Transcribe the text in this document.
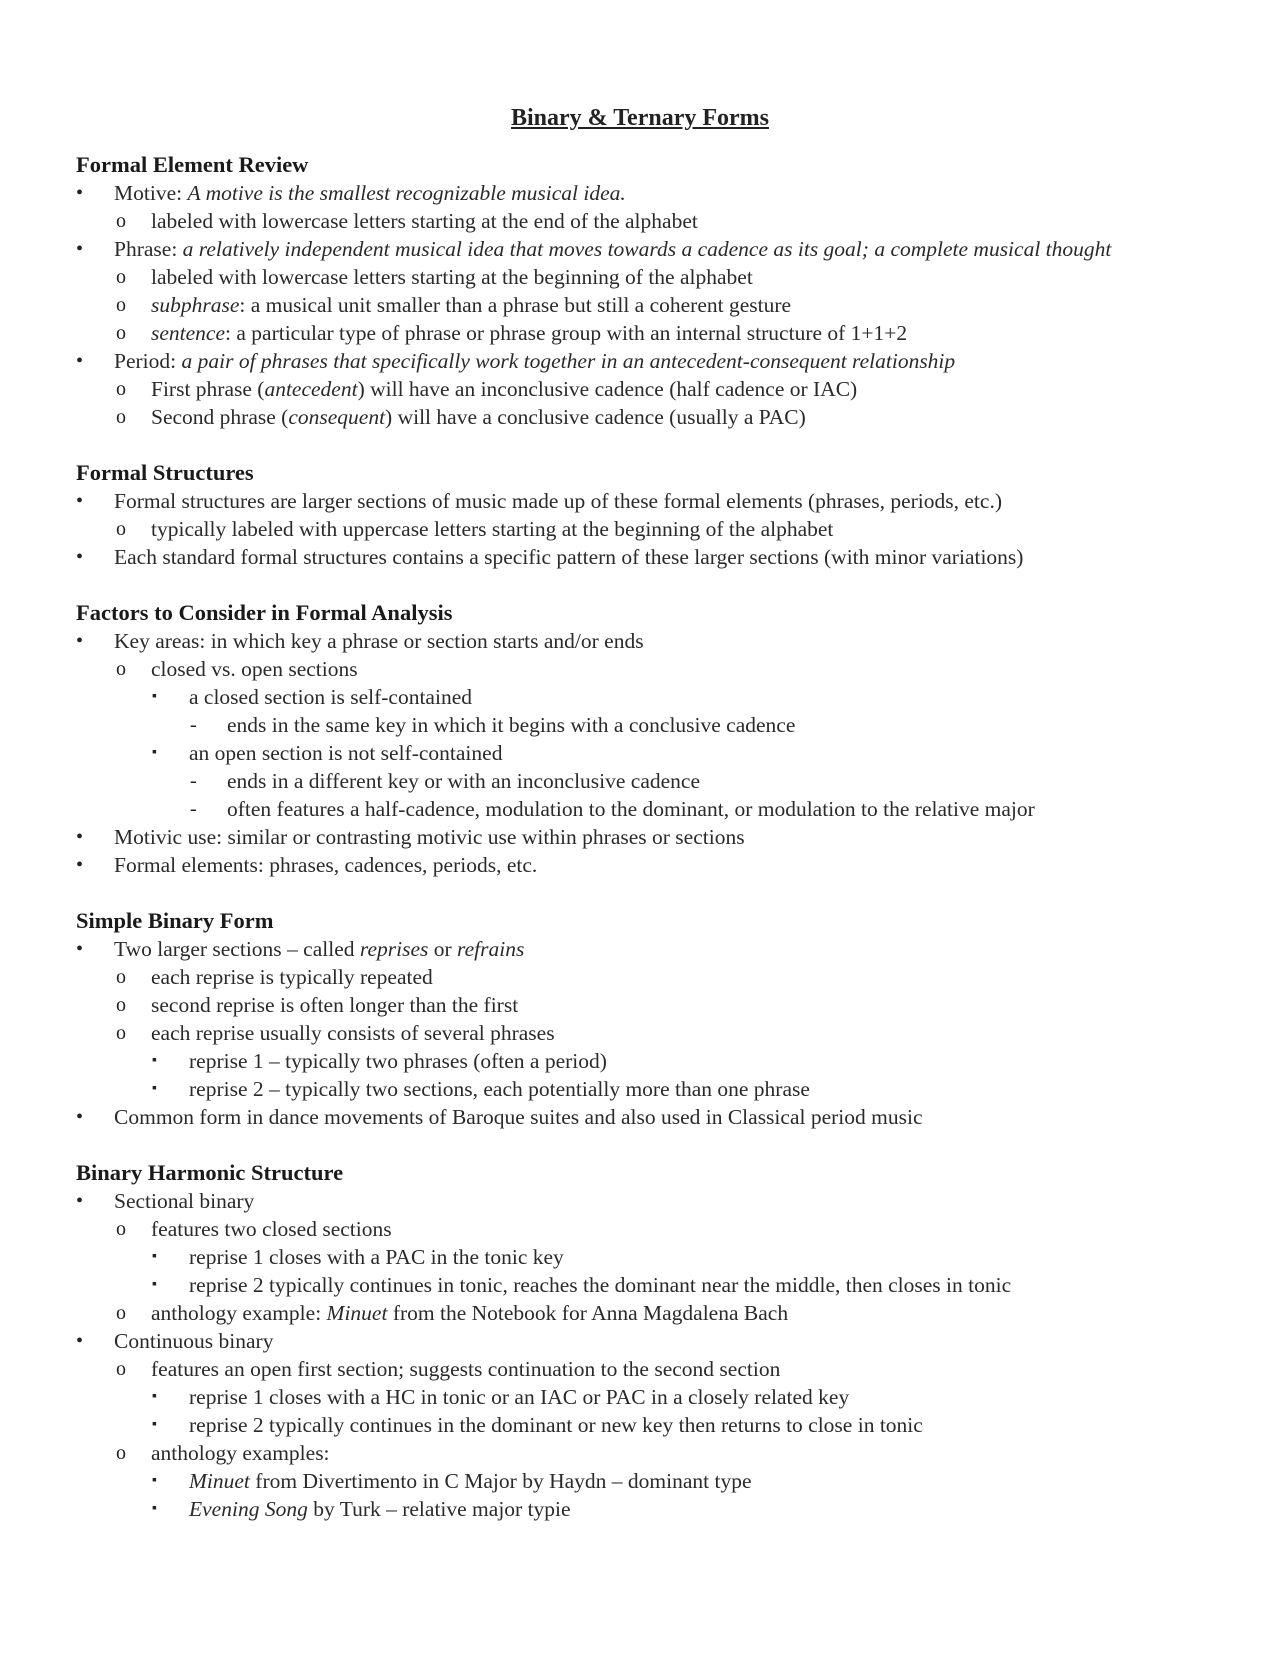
Binary & Ternary Forms
Formal Element Review
• Motive: A motive is the smallest recognizable musical idea.
o labeled with lowercase letters starting at the end of the alphabet
• Phrase: a relatively independent musical idea that moves towards a cadence as its goal; a complete musical thought
o labeled with lowercase letters starting at the beginning of the alphabet
o subphrase: a musical unit smaller than a phrase but still a coherent gesture
o sentence: a particular type of phrase or phrase group with an internal structure of 1+1+2
• Period: a pair of phrases that specifically work together in an antecedent-consequent relationship
o First phrase (antecedent) will have an inconclusive cadence (half cadence or IAC)
o Second phrase (consequent) will have a conclusive cadence (usually a PAC)
Formal Structures
• Formal structures are larger sections of music made up of these formal elements (phrases, periods, etc.)
o typically labeled with uppercase letters starting at the beginning of the alphabet
• Each standard formal structures contains a specific pattern of these larger sections (with minor variations)
Factors to Consider in Formal Analysis
• Key areas: in which key a phrase or section starts and/or ends
o closed vs. open sections
▪ a closed section is self-contained
- ends in the same key in which it begins with a conclusive cadence
▪ an open section is not self-contained
- ends in a different key or with an inconclusive cadence
- often features a half-cadence, modulation to the dominant, or modulation to the relative major
• Motivic use: similar or contrasting motivic use within phrases or sections
• Formal elements: phrases, cadences, periods, etc.
Simple Binary Form
• Two larger sections – called reprises or refrains
o each reprise is typically repeated
o second reprise is often longer than the first
o each reprise usually consists of several phrases
▪ reprise 1 – typically two phrases (often a period)
▪ reprise 2 – typically two sections, each potentially more than one phrase
• Common form in dance movements of Baroque suites and also used in Classical period music
Binary Harmonic Structure
• Sectional binary
o features two closed sections
▪ reprise 1 closes with a PAC in the tonic key
▪ reprise 2 typically continues in tonic, reaches the dominant near the middle, then closes in tonic
o anthology example: Minuet from the Notebook for Anna Magdalena Bach
• Continuous binary
o features an open first section; suggests continuation to the second section
▪ reprise 1 closes with a HC in tonic or an IAC or PAC in a closely related key
▪ reprise 2 typically continues in the dominant or new key then returns to close in tonic
o anthology examples:
▪ Minuet from Divertimento in C Major by Haydn – dominant type
▪ Evening Song by Turk – relative major typie
